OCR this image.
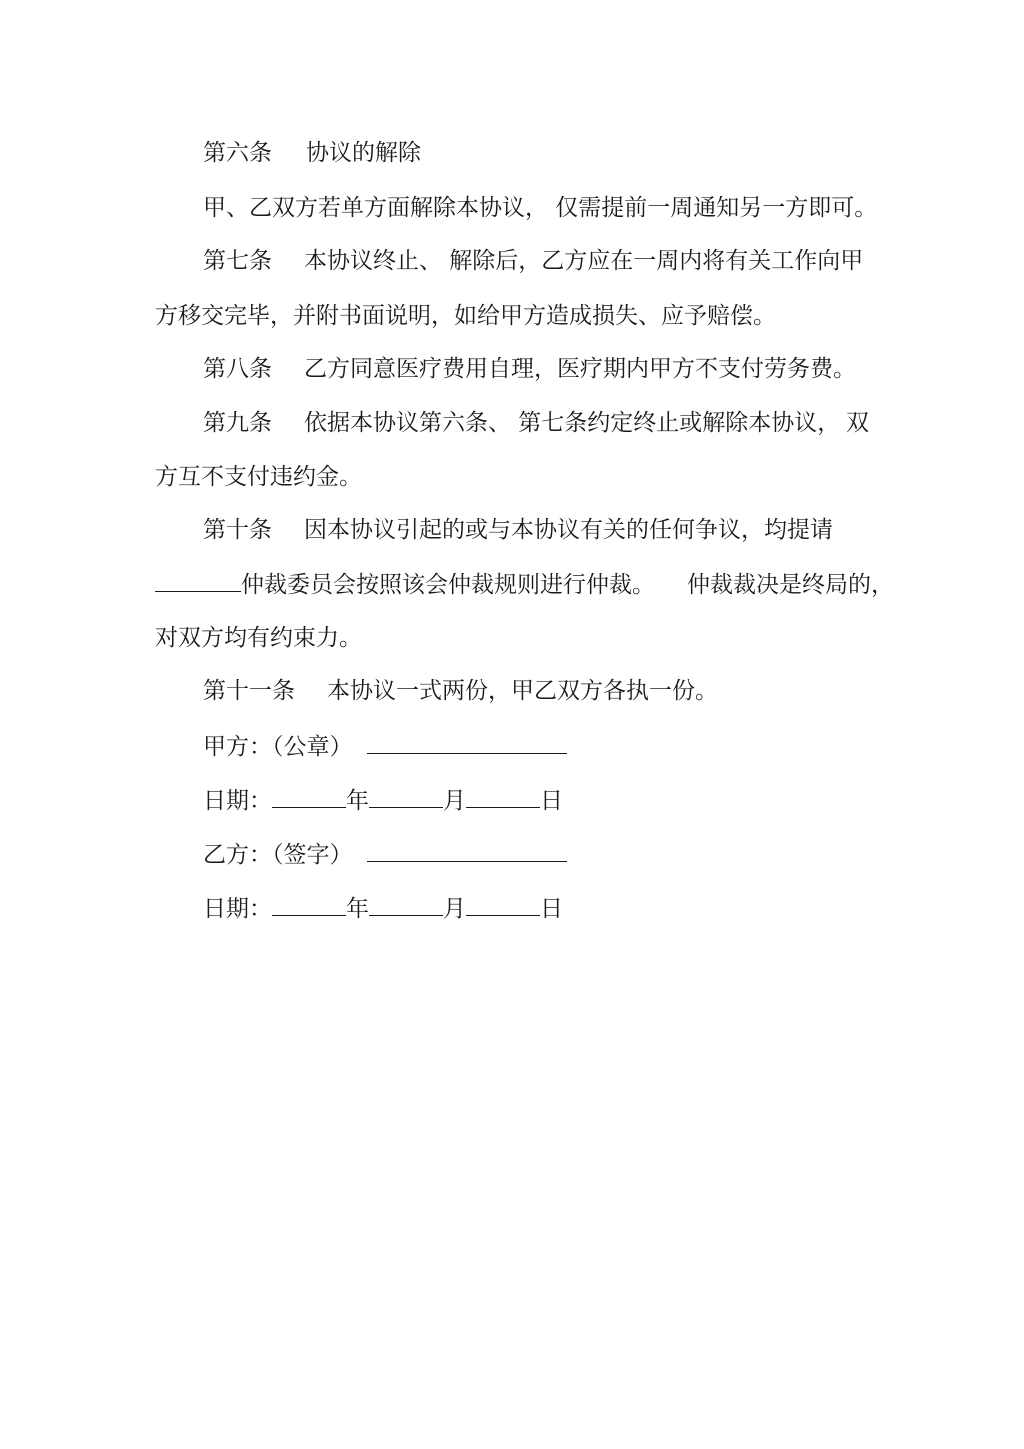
第六条 协议的解除

甲、乙双方若单方面解除本协议， 仅需提前一周通知另一方即可。

第七条 本协议终止、 解除后，乙方应在一周内将有关工作向甲

方移交完毕，并附书面说明，如给甲方造成损失、应予赔偿。

第八条 乙方同意医疗费用自理，医疗期内甲方不支付劳务费。

第九条 依据本协议第六条、 第七条约定终止或解除本协议， 双

方互不支付违约金。

第十条 因本协议引起的或与本协议有关的任何争议，均提请

仲裁委员会按照该会仲裁规则进行仲裁。 仲裁裁决是终局的，

对双方均有约束力。

第十一条 本协议一式两份，甲乙双方各执一份。

甲方：（公章）

日期：	年	月	日

乙方：（签字）

日期：	年	月	日
